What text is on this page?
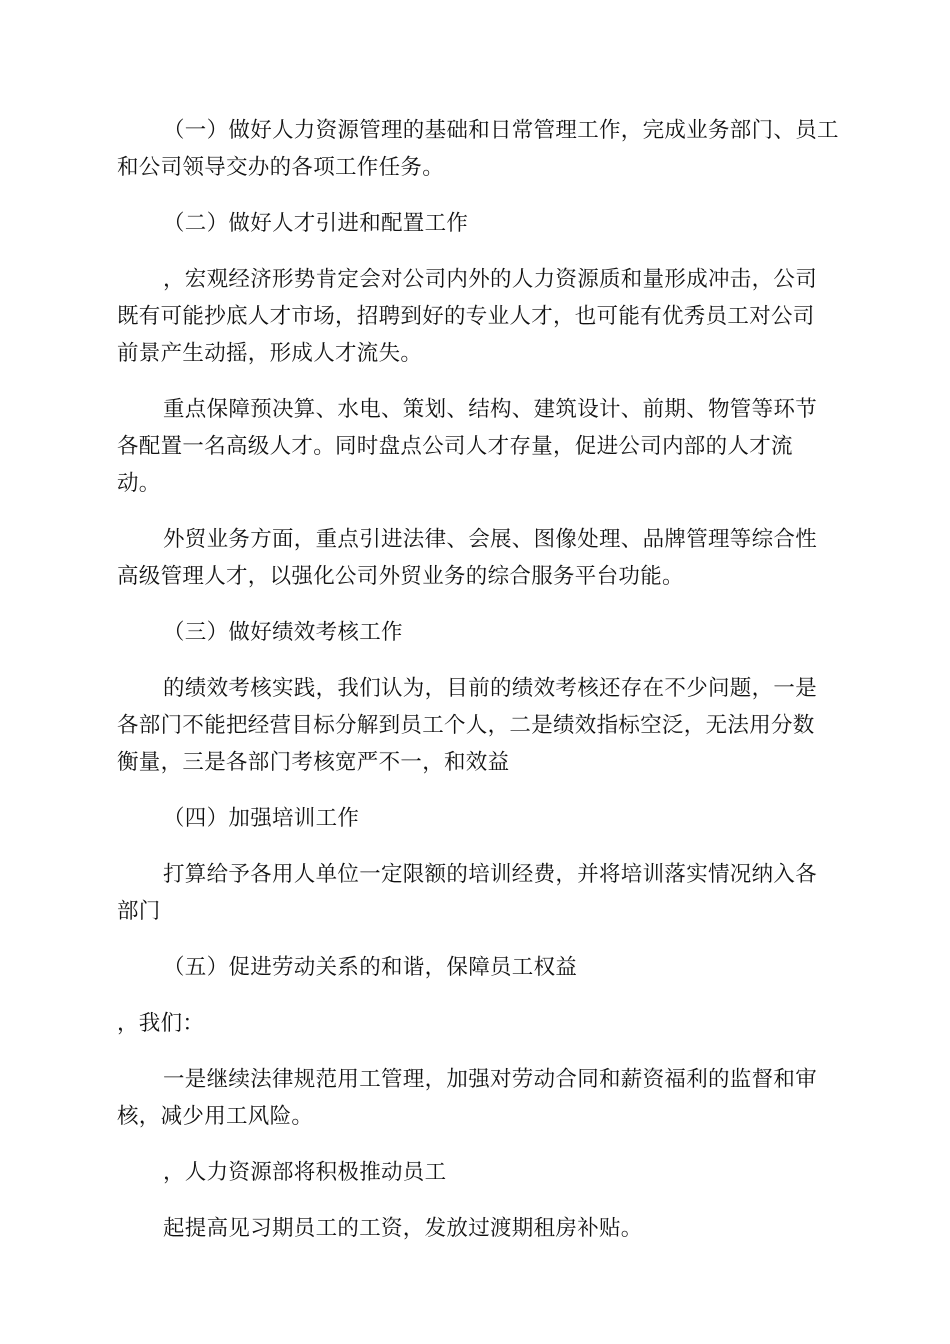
（一）做好人力资源管理的基础和日常管理工作，完成业务部门、员工
和公司领导交办的各项工作任务。

（二）做好人才引进和配置工作

，宏观经济形势肯定会对公司内外的人力资源质和量形成冲击，公司
既有可能抄底人才市场，招聘到好的专业人才，也可能有优秀员工对公司
前景产生动摇，形成人才流失。

重点保障预决算、水电、策划、结构、建筑设计、前期、物管等环节
各配置一名高级人才。同时盘点公司人才存量，促进公司内部的人才流
动。

外贸业务方面，重点引进法律、会展、图像处理、品牌管理等综合性
高级管理人才，以强化公司外贸业务的综合服务平台功能。

（三）做好绩效考核工作

的绩效考核实践，我们认为，目前的绩效考核还存在不少问题，一是
各部门不能把经营目标分解到员工个人，二是绩效指标空泛，无法用分数
衡量，三是各部门考核宽严不一，和效益

（四）加强培训工作

打算给予各用人单位一定限额的培训经费，并将培训落实情况纳入各
部门

（五）促进劳动关系的和谐，保障员工权益

，我们：

一是继续法律规范用工管理，加强对劳动合同和薪资福利的监督和审
核，减少用工风险。

，人力资源部将积极推动员工

起提高见习期员工的工资，发放过渡期租房补贴。
